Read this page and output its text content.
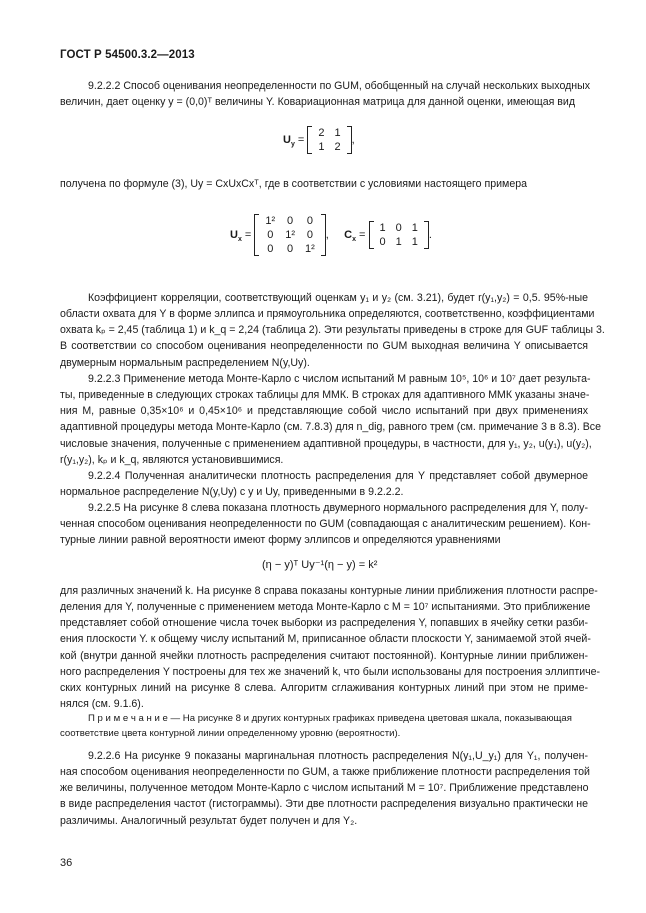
ГОСТ Р 54500.3.2—2013
9.2.2.2 Способ оценивания неопределенности по GUM, обобщенный на случай нескольких выходных
величин, дает оценку y = (0,0)ᵀ величины Y. Ковариационная матрица для данной оценки, имеющая вид
$U_y$ =
2	1
1	2
,
получена по формуле (3), Uy = CxUxCxᵀ, где в соответствии с условиями настоящего примера
$U_x$ =
1²	0	0
0	1²	0
0	0	1²
, $C_x$ =
1	0	1
0	1	1
.
Коэффициент корреляции, соответствующий оценкам y₁ и y₂ (см. 3.21), будет r(y₁,y₂) = 0,5. 95%-ные
области охвата для Y в форме эллипса и прямоугольника определяются, соответственно, коэффициентами
охвата kₚ = 2,45 (таблица 1) и k_q = 2,24 (таблица 2). Эти результаты приведены в строке для GUF таблицы 3.
В соответствии со способом оценивания неопределенности по GUM выходная величина Y описывается
двумерным нормальным распределением N(y,Uy).
9.2.2.3 Применение метода Монте-Карло с числом испытаний M равным 10⁵, 10⁶ и 10⁷ дает результа-
ты, приведенные в следующих строках таблицы для ММК. В строках для адаптивного ММК указаны значе-
ния M, равные 0,35×10⁶ и 0,45×10⁶ и представляющие собой число испытаний при двух применениях
адаптивной процедуры метода Монте-Карло (см. 7.8.3) для n_dig, равного трем (см. примечание 3 в 8.3). Все
числовые значения, полученные с применением адаптивной процедуры, в частности, для y₁, y₂, u(y₁), u(y₂),
r(y₁,y₂), kₚ и k_q, являются установившимися.
9.2.2.4 Полученная аналитически плотность распределения для Y представляет собой двумерное
нормальное распределение N(y,Uy) с y и Uy, приведенными в 9.2.2.2.
9.2.2.5 На рисунке 8 слева показана плотность двумерного нормального распределения для Y, полу-
ченная способом оценивания неопределенности по GUM (совпадающая с аналитическим решением). Кон-
турные линии равной вероятности имеют форму эллипсов и определяются уравнениями
(η − y)ᵀ Uy⁻¹(η − y) = k²
для различных значений k. На рисунке 8 справа показаны контурные линии приближения плотности распре-
деления для Y, полученные с применением метода Монте-Карло с M = 10⁷ испытаниями. Это приближение
представляет собой отношение числа точек выборки из распределения Y, попавших в ячейку сетки разби-
ения плоскости Y. к общему числу испытаний M, приписанное области плоскости Y, занимаемой этой ячей-
кой (внутри данной ячейки плотность распределения считают постоянной). Контурные линии приближен-
ного распределения Y построены для тех же значений k, что были использованы для построения эллиптиче-
ских контурных линий на рисунке 8 слева. Алгоритм сглаживания контурных линий при этом не приме-
нялся (см. 9.1.6).
П р и м е ч а н и е — На рисунке 8 и других контурных графиках приведена цветовая шкала, показывающая
соответствие цвета контурной линии определенному уровню (вероятности).
9.2.2.6 На рисунке 9 показаны маргинальная плотность распределения N(y₁,U_y₁) для Y₁, получен-
ная способом оценивания неопределенности по GUM, а также приближение плотности распределения той
же величины, полученное методом Монте-Карло с числом испытаний M = 10⁷. Приближение представлено
в виде распределения частот (гистограммы). Эти две плотности распределения визуально практически не
различимы. Аналогичный результат будет получен и для Y₂.
36
